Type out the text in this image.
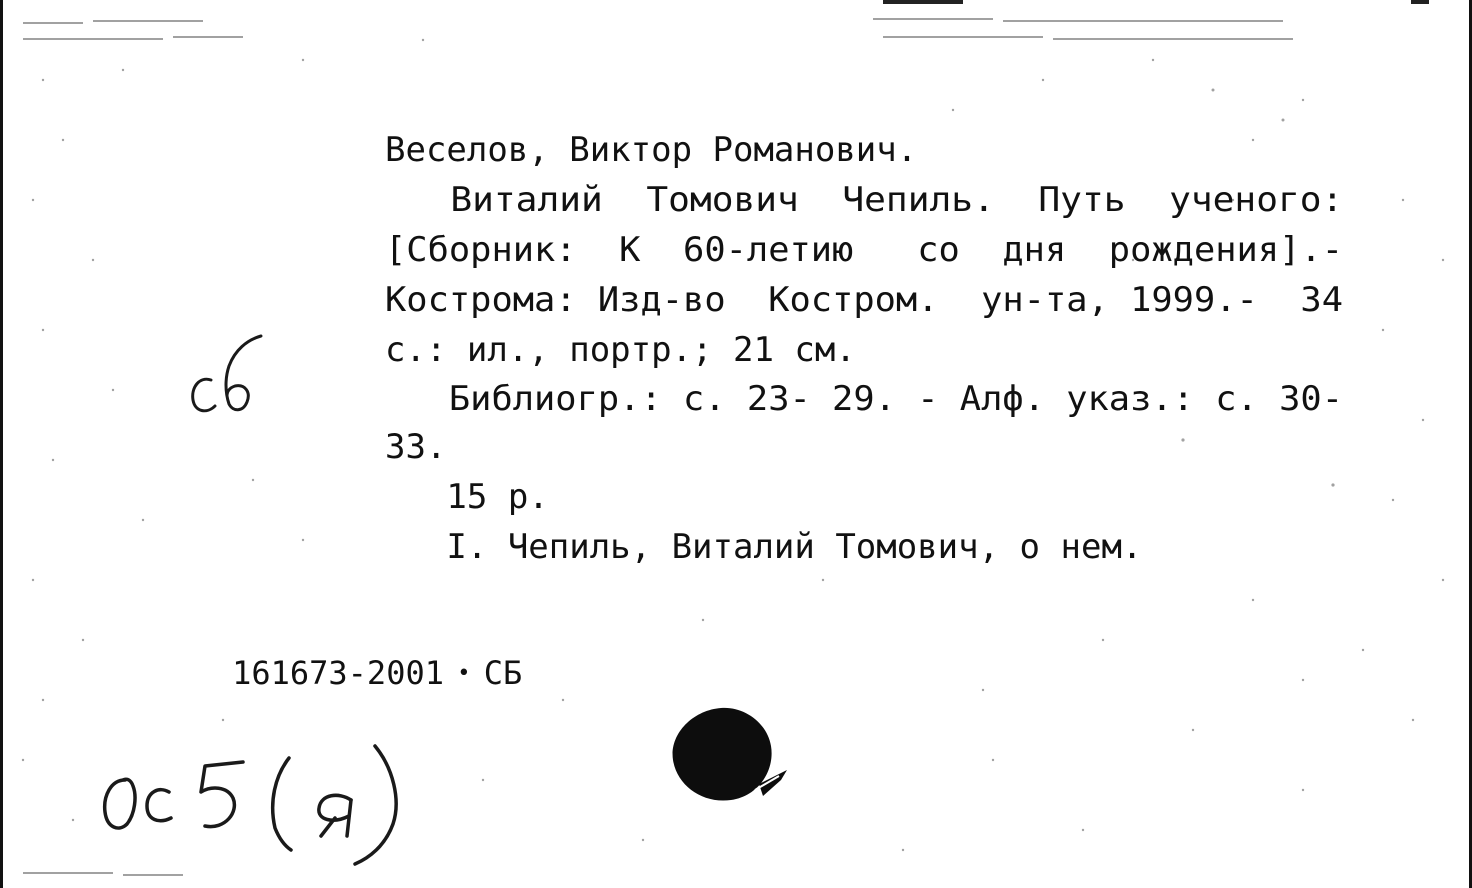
Веселов, Виктор Романович.
Виталий  Томович  Чепиль.  Путь  ученого:
[Сборник:  К  60-летию   со  дня  рождения].-
Кострома: Изд-во  Костром.  ун-та, 1999.-  34
с.: ил., портр.; 21 см.
Библиогр.: с. 23- 29. - Алф. указ.: с. 30-
33.
15 р.
I. Чепиль, Виталий Томович, о нем.

161673-2001 • СБ
